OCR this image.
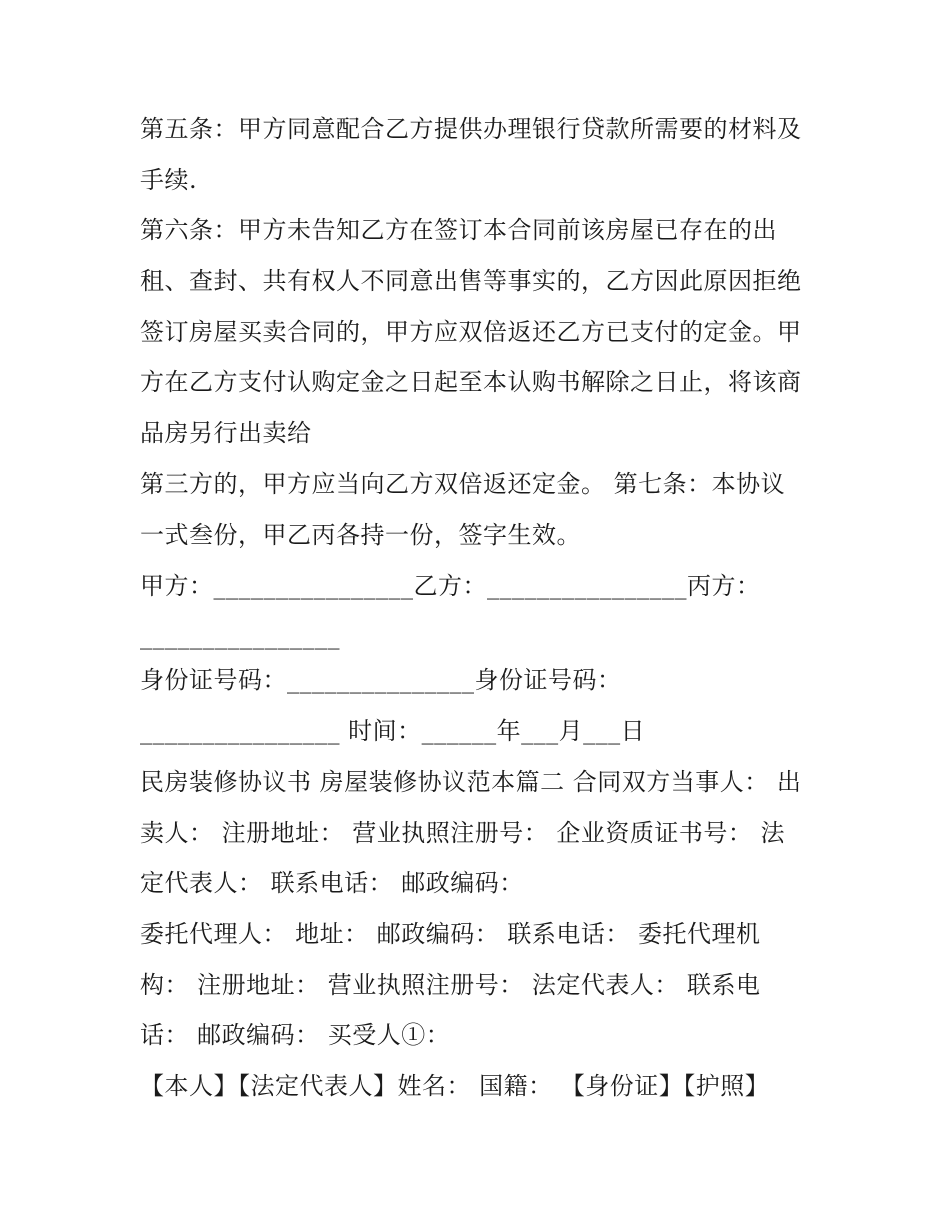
第五条：甲方同意配合乙方提供办理银行贷款所需要的材料及
手续.
第六条：甲方未告知乙方在签订本合同前该房屋已存在的出
租、查封、共有权人不同意出售等事实的，乙方因此原因拒绝
签订房屋买卖合同的，甲方应双倍返还乙方已支付的定金。甲
方在乙方支付认购定金之日起至本认购书解除之日止，将该商
品房另行出卖给
第三方的，甲方应当向乙方双倍返还定金。 第七条：本协议
一式叁份，甲乙丙各持一份，签字生效。
甲方：________________乙方：________________丙方：
________________
身份证号码：_______________身份证号码：
________________ 时间：______年___月___日
民房装修协议书 房屋装修协议范本篇二 合同双方当事人： 出
卖人： 注册地址： 营业执照注册号： 企业资质证书号： 法
定代表人： 联系电话： 邮政编码：
委托代理人： 地址： 邮政编码： 联系电话： 委托代理机
构： 注册地址： 营业执照注册号： 法定代表人： 联系电
话： 邮政编码： 买受人①：
【本人】【法定代表人】姓名： 国籍： 【身份证】【护照】
